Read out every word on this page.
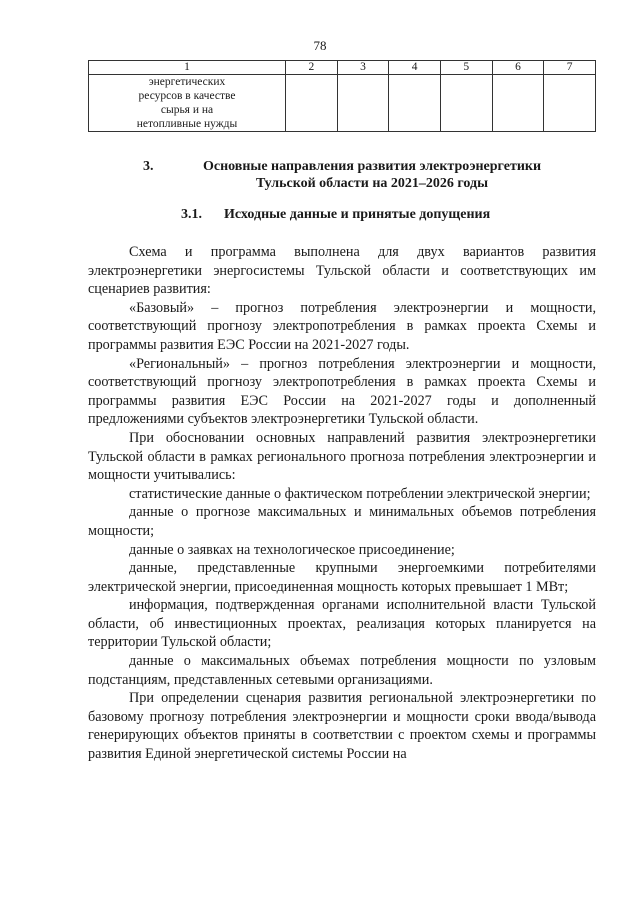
78
1	2	3	4	5	6	7

энергетических
ресурсов в качестве
сырья и на
нетопливные нужды						

3.	Основные направления развития электроэнергетики
Тульской области на 2021–2026 годы
3.1. Исходные данные и принятые допущения

Схема и программа выполнена для двух вариантов развития электроэнергетики энергосистемы Тульской области и соответствующих им сценариев развития:

«Базовый» – прогноз потребления электроэнергии и мощности, соответствующий прогнозу электропотребления в рамках проекта Схемы и программы развития ЕЭС России на 2021-2027 годы.

«Региональный» – прогноз потребления электроэнергии и мощности, соответствующий прогнозу электропотребления в рамках проекта Схемы и программы развития ЕЭС России на 2021-2027 годы и дополненный предложениями субъектов электроэнергетики Тульской области.

При обосновании основных направлений развития электроэнергетики Тульской области в рамках регионального прогноза потребления электроэнергии и мощности учитывались:

статистические данные о фактическом потреблении электрической энергии;

данные о прогнозе максимальных и минимальных объемов потребления мощности;

данные о заявках на технологическое присоединение;

данные, представленные крупными энергоемкими потребителями электрической энергии, присоединенная мощность которых превышает 1 МВт;

информация, подтвержденная органами исполнительной власти Тульской области, об инвестиционных проектах, реализация которых планируется на территории Тульской области;

данные о максимальных объемах потребления мощности по узловым подстанциям, представленных сетевыми организациями.

При определении сценария развития региональной электроэнергетики по базовому прогнозу потребления электроэнергии и мощности сроки ввода/вывода генерирующих объектов приняты в соответствии с проектом схемы и программы развития Единой энергетической системы России на
